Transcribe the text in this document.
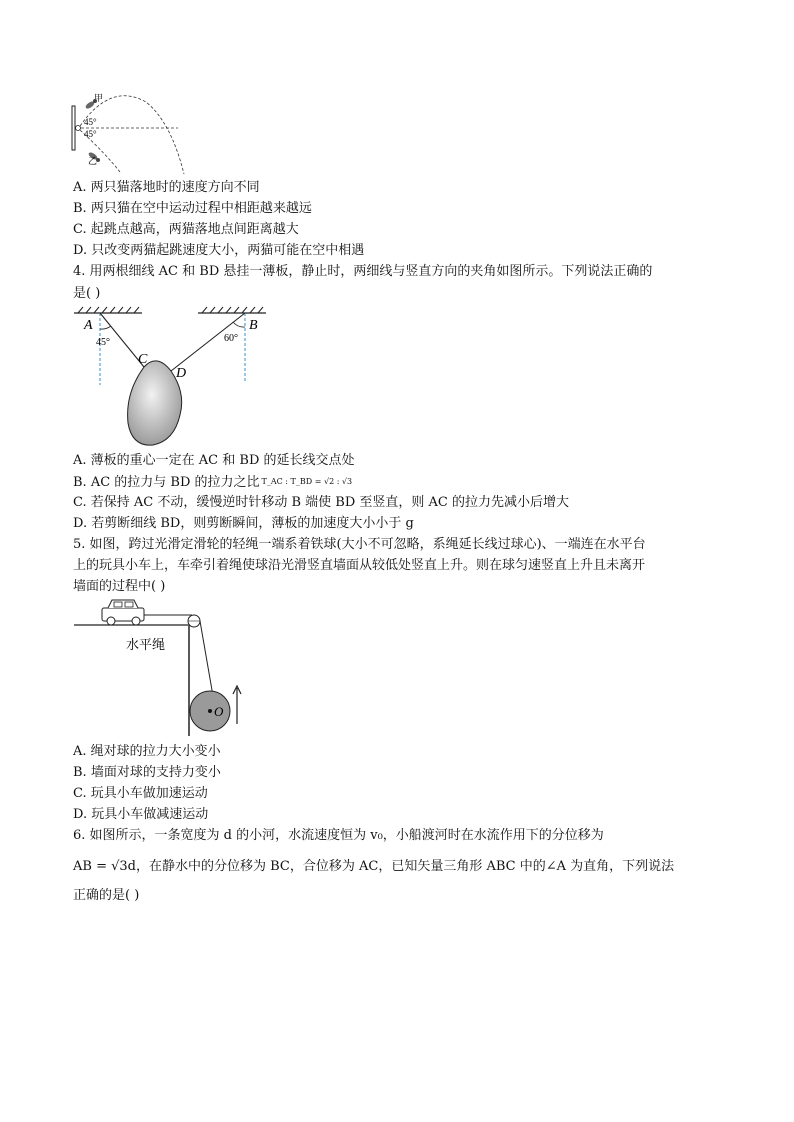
甲
乙
45°
45°
A. 两只猫落地时的速度方向不同
B. 两只猫在空中运动过程中相距越来越远
C. 起跳点越高，两猫落地点间距离越大
D. 只改变两猫起跳速度大小，两猫可能在空中相遇
4. 用两根细线 AC 和 BD 悬挂一薄板，静止时，两细线与竖直方向的夹角如图所示。下列说法正确的
是( )
A	B
C
D
45°	60°
A. 薄板的重心一定在 AC 和 BD 的延长线交点处
B. AC 的拉力与 BD 的拉力之比 T_AC : T_BD = √2 : √3
C. 若保持 AC 不动，缓慢逆时针移动 B 端使 BD 至竖直，则 AC 的拉力先减小后增大
D. 若剪断细线 BD，则剪断瞬间，薄板的加速度大小小于 g
5. 如图，跨过光滑定滑轮的轻绳一端系着铁球(大小不可忽略，系绳延长线过球心)、一端连在水平台
上的玩具小车上，车牵引着绳使球沿光滑竖直墙面从较低处竖直上升。则在球匀速竖直上升且未离开
墙面的过程中( )
水平绳
O
A. 绳对球的拉力大小变小
B. 墙面对球的支持力变小
C. 玩具小车做加速运动
D. 玩具小车做减速运动
6. 如图所示，一条宽度为 d 的小河，水流速度恒为 v₀，小船渡河时在水流作用下的分位移为
AB = √3d，在静水中的分位移为 BC，合位移为 AC，已知矢量三角形 ABC 中的∠A 为直角，下列说法
正确的是( )
